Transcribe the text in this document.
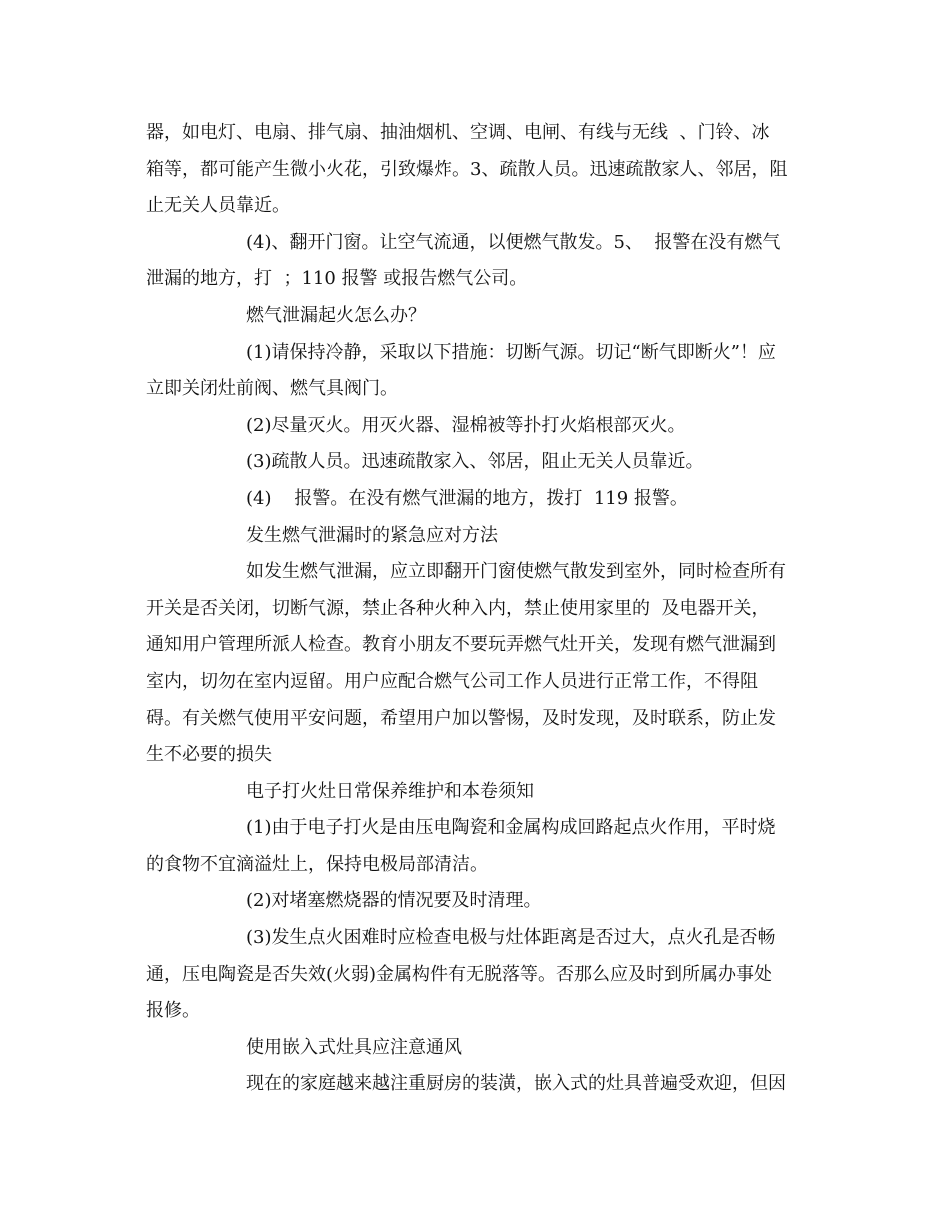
器，如电灯、电扇、排气扇、抽油烟机、空调、电闸、有线与无线  、门铃、冰
箱等，都可能产生微小火花，引致爆炸。3、疏散人员。迅速疏散家人、邻居，阻
止无关人员靠近。
(4)、翻开门窗。让空气流通，以便燃气散发。5、  报警在没有燃气
泄漏的地方，打  ；110 报警 或报告燃气公司。
燃气泄漏起火怎么办？
(1)请保持冷静，采取以下措施：切断气源。切记“断气即断火”！应
立即关闭灶前阀、燃气具阀门。
(2)尽量灭火。用灭火器、湿棉被等扑打火焰根部灭火。
(3)疏散人员。迅速疏散家入、邻居，阻止无关人员靠近。
(4)    报警。在没有燃气泄漏的地方，拨打  119 报警。
发生燃气泄漏时的紧急应对方法
如发生燃气泄漏，应立即翻开门窗使燃气散发到室外，同时检查所有
开关是否关闭，切断气源，禁止各种火种入内，禁止使用家里的  及电器开关，
通知用户管理所派人检查。教育小朋友不要玩弄燃气灶开关，发现有燃气泄漏到
室内，切勿在室内逗留。用户应配合燃气公司工作人员进行正常工作，不得阻
碍。有关燃气使用平安问题，希望用户加以警惕，及时发现，及时联系，防止发
生不必要的损失
电子打火灶日常保养维护和本卷须知
(1)由于电子打火是由压电陶瓷和金属构成回路起点火作用，平时烧
的食物不宜滴溢灶上，保持电极局部清洁。
(2)对堵塞燃烧器的情况要及时清理。
(3)发生点火困难时应检查电极与灶体距离是否过大，点火孔是否畅
通，压电陶瓷是否失效(火弱)金属构件有无脱落等。否那么应及时到所属办事处
报修。
使用嵌入式灶具应注意通风
现在的家庭越来越注重厨房的装潢，嵌入式的灶具普遍受欢迎，但因
